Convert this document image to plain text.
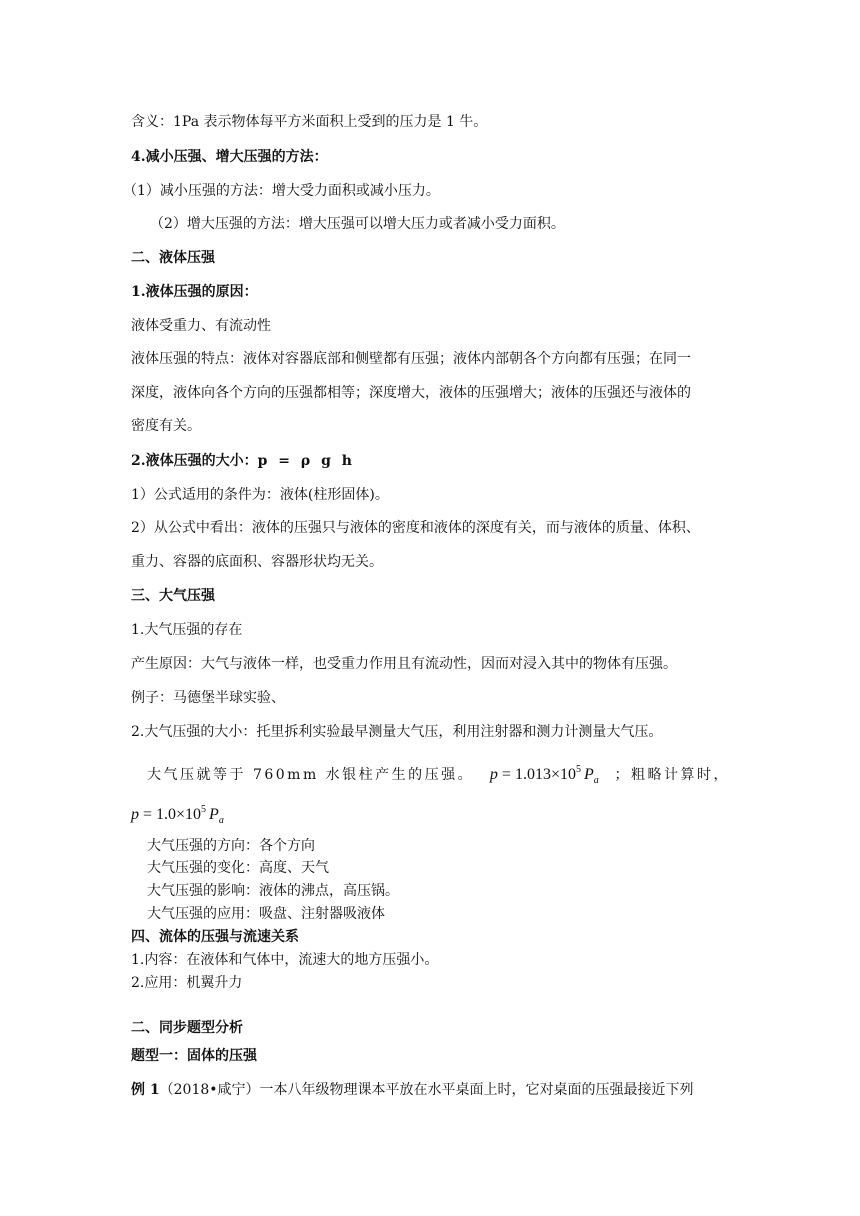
含义：1Pa 表示物体每平方米面积上受到的压力是 1 牛。
4.减小压强、增大压强的方法：
（1）减小压强的方法：增大受力面积或减小压力。
（2）增大压强的方法：增大压强可以增大压力或者减小受力面积。
二、液体压强
1.液体压强的原因：
液体受重力、有流动性
液体压强的特点：液体对容器底部和侧壁都有压强；液体内部朝各个方向都有压强；在同一
深度，液体向各个方向的压强都相等；深度增大，液体的压强增大；液体的压强还与液体的
密度有关。
2.液体压强的大小：p = ρ g h
1）公式适用的条件为：液体(柱形固体)。
2）从公式中看出：液体的压强只与液体的密度和液体的深度有关，而与液体的质量、体积、
重力、容器的底面积、容器形状均无关。
三、大气压强
1.大气压强的存在
产生原因：大气与液体一样，也受重力作用且有流动性，因而对浸入其中的物体有压强。
例子：马德堡半球实验、
2.大气压强的大小：托里拆利实验最早测量大气压，利用注射器和测力计测量大气压。
大气压就等于 760mm 水银柱产生的压强。 $p = 1.013\times 10^5$ $P_a$ ；粗略计算时，
$p = 1.0\times 10^5$ $P_a$
大气压强的方向：各个方向
大气压强的变化：高度、天气
大气压强的影响：液体的沸点，高压锅。
大气压强的应用：吸盘、注射器吸液体
四、流体的压强与流速关系
1.内容：在液体和气体中，流速大的地方压强小。
2.应用：机翼升力
二、同步题型分析
题型一：固体的压强
例 1（2018•咸宁）一本八年级物理课本平放在水平桌面上时，它对桌面的压强最接近下列
